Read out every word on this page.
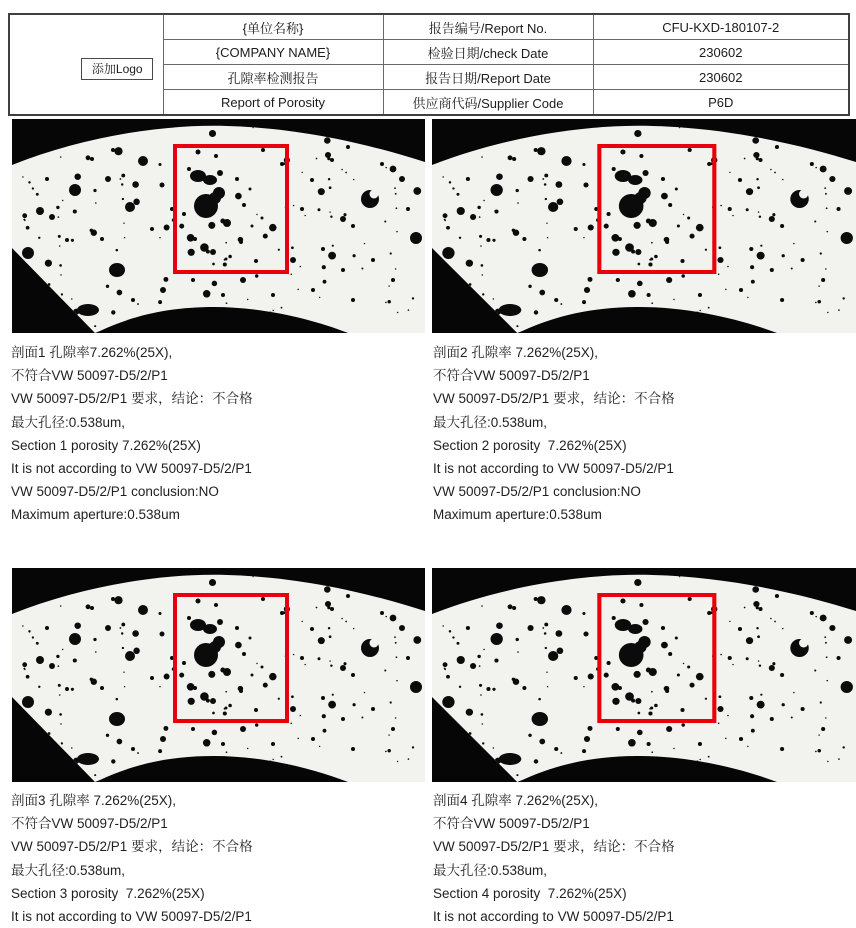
添加Logo	{单位名称}	报告编号/Report No.	CFU-KXD-180107-2
	{COMPANY NAME}	检验日期/check Date	230602
	孔隙率检测报告	报告日期/Report Date	230602
	Report of Porosity	供应商代码/Supplier Code	P6D
剖面1 孔隙率7.262%(25X),
不符合VW 50097-D5/2/P1
VW 50097-D5/2/P1 要求，结论：不合格
最大孔径:0.538um,
Section 1 porosity 7.262%(25X)
It is not according to VW 50097-D5/2/P1
VW 50097-D5/2/P1 conclusion:NO
Maximum aperture:0.538um
剖面2 孔隙率 7.262%(25X),
不符合VW 50097-D5/2/P1
VW 50097-D5/2/P1 要求，结论：不合格
最大孔径:0.538um,
Section 2 porosity  7.262%(25X)
It is not according to VW 50097-D5/2/P1
VW 50097-D5/2/P1 conclusion:NO
Maximum aperture:0.538um
剖面3 孔隙率 7.262%(25X),
不符合VW 50097-D5/2/P1
VW 50097-D5/2/P1 要求，结论：不合格
最大孔径:0.538um,
Section 3 porosity  7.262%(25X)
It is not according to VW 50097-D5/2/P1
剖面4 孔隙率 7.262%(25X),
不符合VW 50097-D5/2/P1
VW 50097-D5/2/P1 要求，结论：不合格
最大孔径:0.538um,
Section 4 porosity  7.262%(25X)
It is not according to VW 50097-D5/2/P1
